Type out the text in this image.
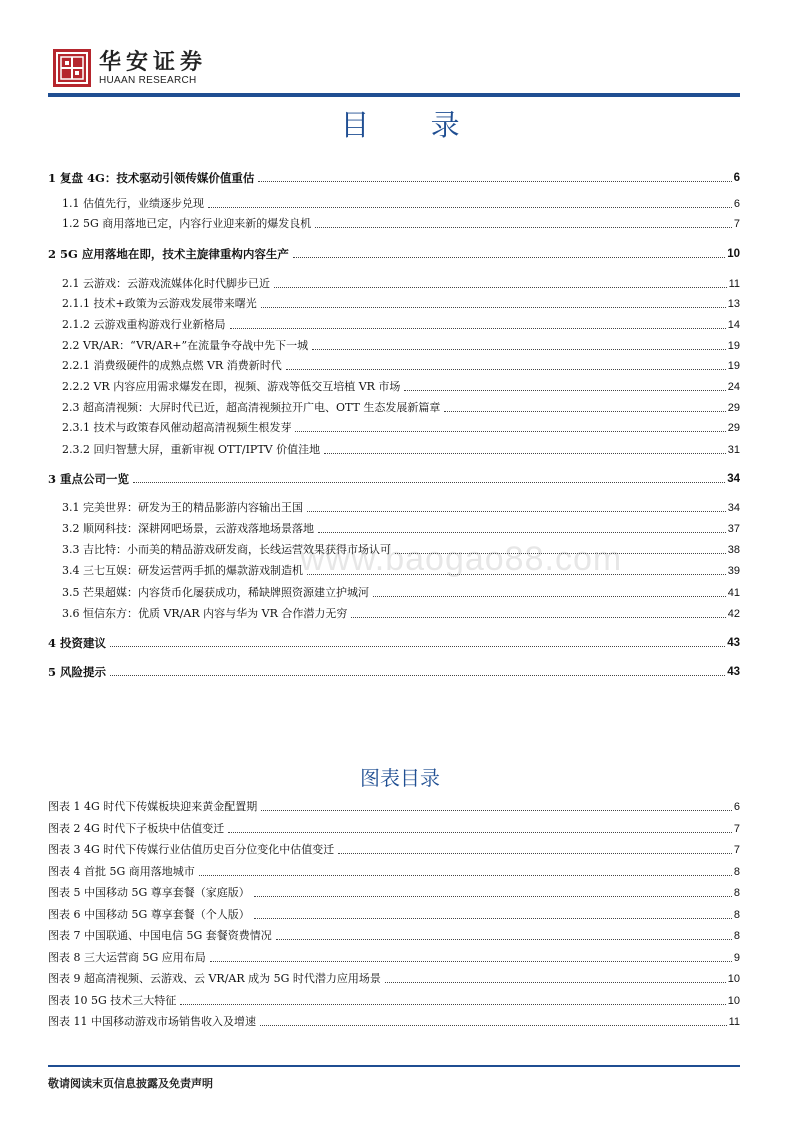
华安证券
HUAAN RESEARCH
目 录
www.baogao88.com
1 复盘 4G：技术驱动引领传媒价值重估	6
1.1 估值先行，业绩逐步兑现	6
1.2 5G 商用落地已定，内容行业迎来新的爆发良机	7
2 5G 应用落地在即，技术主旋律重构内容生产	10
2.1 云游戏：云游戏流媒体化时代脚步已近	11
2.1.1 技术+政策为云游戏发展带来曙光	13
2.1.2 云游戏重构游戏行业新格局	14
2.2 VR/AR：“VR/AR+”在流量争夺战中先下一城	19
2.2.1 消费级硬件的成熟点燃 VR 消费新时代	19
2.2.2 VR 内容应用需求爆发在即，视频、游戏等低交互培植 VR 市场	24
2.3 超高清视频：大屏时代已近，超高清视频拉开广电、OTT 生态发展新篇章	29
2.3.1 技术与政策春风催动超高清视频生根发芽	29
2.3.2 回归智慧大屏，重新审视 OTT/IPTV 价值洼地	31
3 重点公司一览	34
3.1 完美世界：研发为王的精品影游内容输出王国	34
3.2 顺网科技：深耕网吧场景，云游戏落地场景落地	37
3.3 吉比特：小而美的精品游戏研发商，长线运营效果获得市场认可	38
3.4 三七互娱：研发运营两手抓的爆款游戏制造机	39
3.5 芒果超媒：内容货币化屡获成功，稀缺牌照资源建立护城河	41
3.6 恒信东方：优质 VR/AR 内容与华为 VR 合作潜力无穷	42
4 投资建议	43
5 风险提示	43
图表目录
图表 1 4G 时代下传媒板块迎来黄金配置期	6
图表 2 4G 时代下子板块中估值变迁	7
图表 3 4G 时代下传媒行业估值历史百分位变化中估值变迁	7
图表 4 首批 5G 商用落地城市	8
图表 5 中国移动 5G 尊享套餐（家庭版）	8
图表 6 中国移动 5G 尊享套餐（个人版）	8
图表 7 中国联通、中国电信 5G 套餐资费情况	8
图表 8 三大运营商 5G 应用布局	9
图表 9 超高清视频、云游戏、云 VR/AR 成为 5G 时代潜力应用场景	10
图表 10 5G 技术三大特征	10
图表 11 中国移动游戏市场销售收入及增速	11
敬请阅读末页信息披露及免责声明
